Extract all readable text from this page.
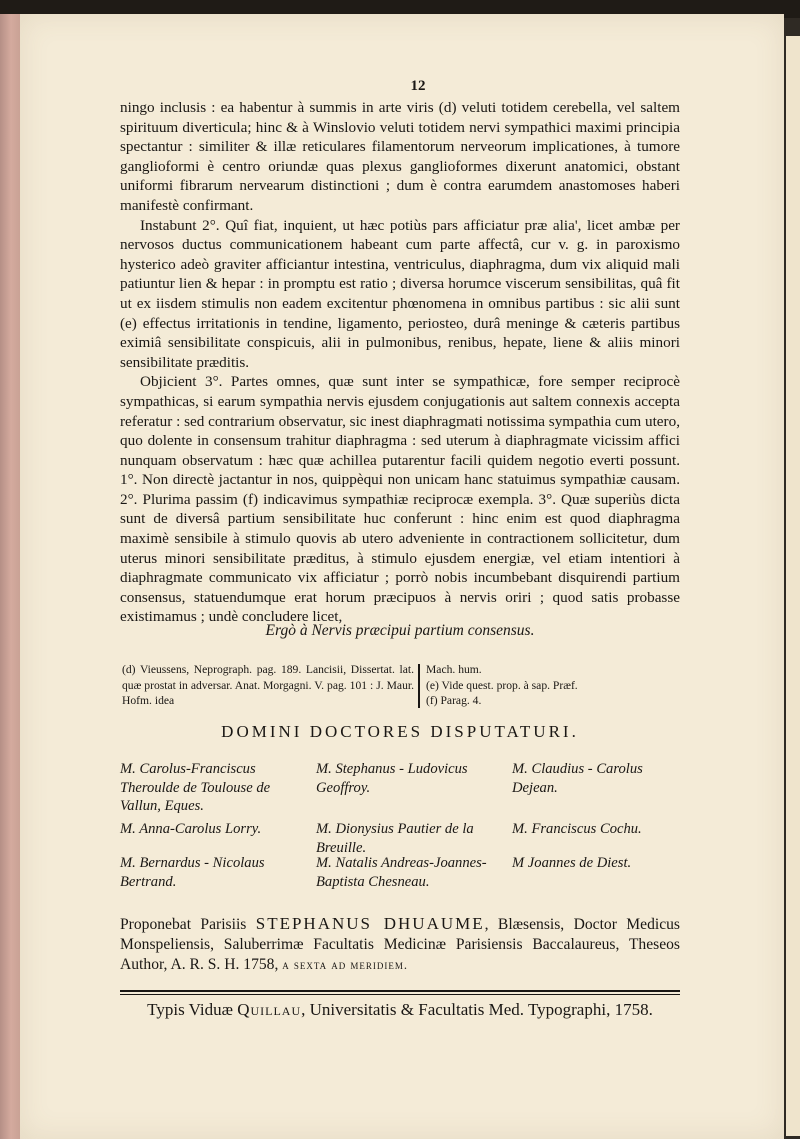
12

ningo inclusis : ea habentur à summis in arte viris (d) veluti totidem cerebella, vel saltem spirituum diverticula; hinc & à Winslovio veluti totidem nervi sympathici maximi principia spectantur : similiter & illæ reticulares filamentorum nerveorum implicationes, à tumore ganglioformi è centro oriundæ quas plexus ganglioformes dixerunt anatomici, obstant uniformi fibrarum nervearum distinctioni ; dum è contra earumdem anastomoses haberi manifestè confirmant.

Instabunt 2°. Quî fiat, inquient, ut hæc potiùs pars afficiatur præ alia', licet ambæ per nervosos ductus communicationem habeant cum parte affectâ, cur v. g. in paroxismo hysterico adeò graviter afficiantur intestina, ventriculus, diaphragma, dum vix aliquid mali patiuntur lien & hepar : in promptu est ratio ; diversa horumce viscerum sensibilitas, quâ fit ut ex iisdem stimulis non eadem excitentur phœnomena in omnibus partibus : sic alii sunt (e) effectus irritationis in tendine, ligamento, periosteo, durâ meninge & cæteris partibus eximiâ sensibilitate conspicuis, alii in pulmonibus, renibus, hepate, liene & aliis minori sensibilitate præditis.

Objicient 3°. Partes omnes, quæ sunt inter se sympathicæ, fore semper reciprocè sympathicas, si earum sympathia nervis ejusdem conjugationis aut saltem connexis accepta referatur : sed contrarium observatur, sic inest diaphragmati notissima sympathia cum utero, quo dolente in consensum trahitur diaphragma : sed uterum à diaphragmate vicissim affici nunquam observatum : hæc quæ achillea putarentur facili quidem negotio everti possunt. 1°. Non directè jactantur in nos, quippèqui non unicam hanc statuimus sympathiæ causam. 2°. Plurima passim (f) indicavimus sympathiæ reciprocæ exempla. 3°. Quæ superiùs dicta sunt de diversâ partium sensibilitate huc conferunt : hinc enim est quod diaphragma maximè sensibile à stimulo quovis ab utero adveniente in contractionem sollicitetur, dum uterus minori sensibilitate præditus, à stimulo ejusdem energiæ, vel etiam intentiori à diaphragmate communicato vix afficiatur ; porrò nobis incumbebant disquirendi partium consensus, statuendumque erat horum præcipuos à nervis oriri ; quod satis probasse existimamus ; undè concludere licet,

Ergò à Nervis præcipui partium consensus.
(d) Vieussens, Neprograph. pag. 189. Lancisii, Dissertat. lat. quæ prostat in adversar. Anat. Morgagni. V. pag. 101 : J. Maur. Hofm. idea
Mach. hum.
(e) Vide quest. prop. à sap. Præf.
(f) Parag. 4.
DOMINI DOCTORES DISPUTATURI.
M. Carolus-Franciscus Theroulde de Toulouse de Vallun, Eques.
M. Stephanus - Ludovicus Geoffroy.
M. Claudius - Carolus Dejean.
M. Anna-Carolus Lorry.	M. Dionysius Pautier de la Breuille.
M. Franciscus Cochu.
M. Bernardus - Nicolaus Bertrand.
M. Natalis Andreas-Joannes-Baptista Chesneau.
M Joannes de Diest.
Proponebat Parisiis STEPHANUS DHUAUME, Blæsensis, Doctor Medicus Monspeliensis, Saluberrimæ Facultatis Medicinæ Parisiensis Baccalaureus, Theseos Author, A. R. S. H. 1758, a sexta ad meridiem.
Typis Viduæ Quillau, Universitatis & Facultatis Med. Typographi, 1758.
